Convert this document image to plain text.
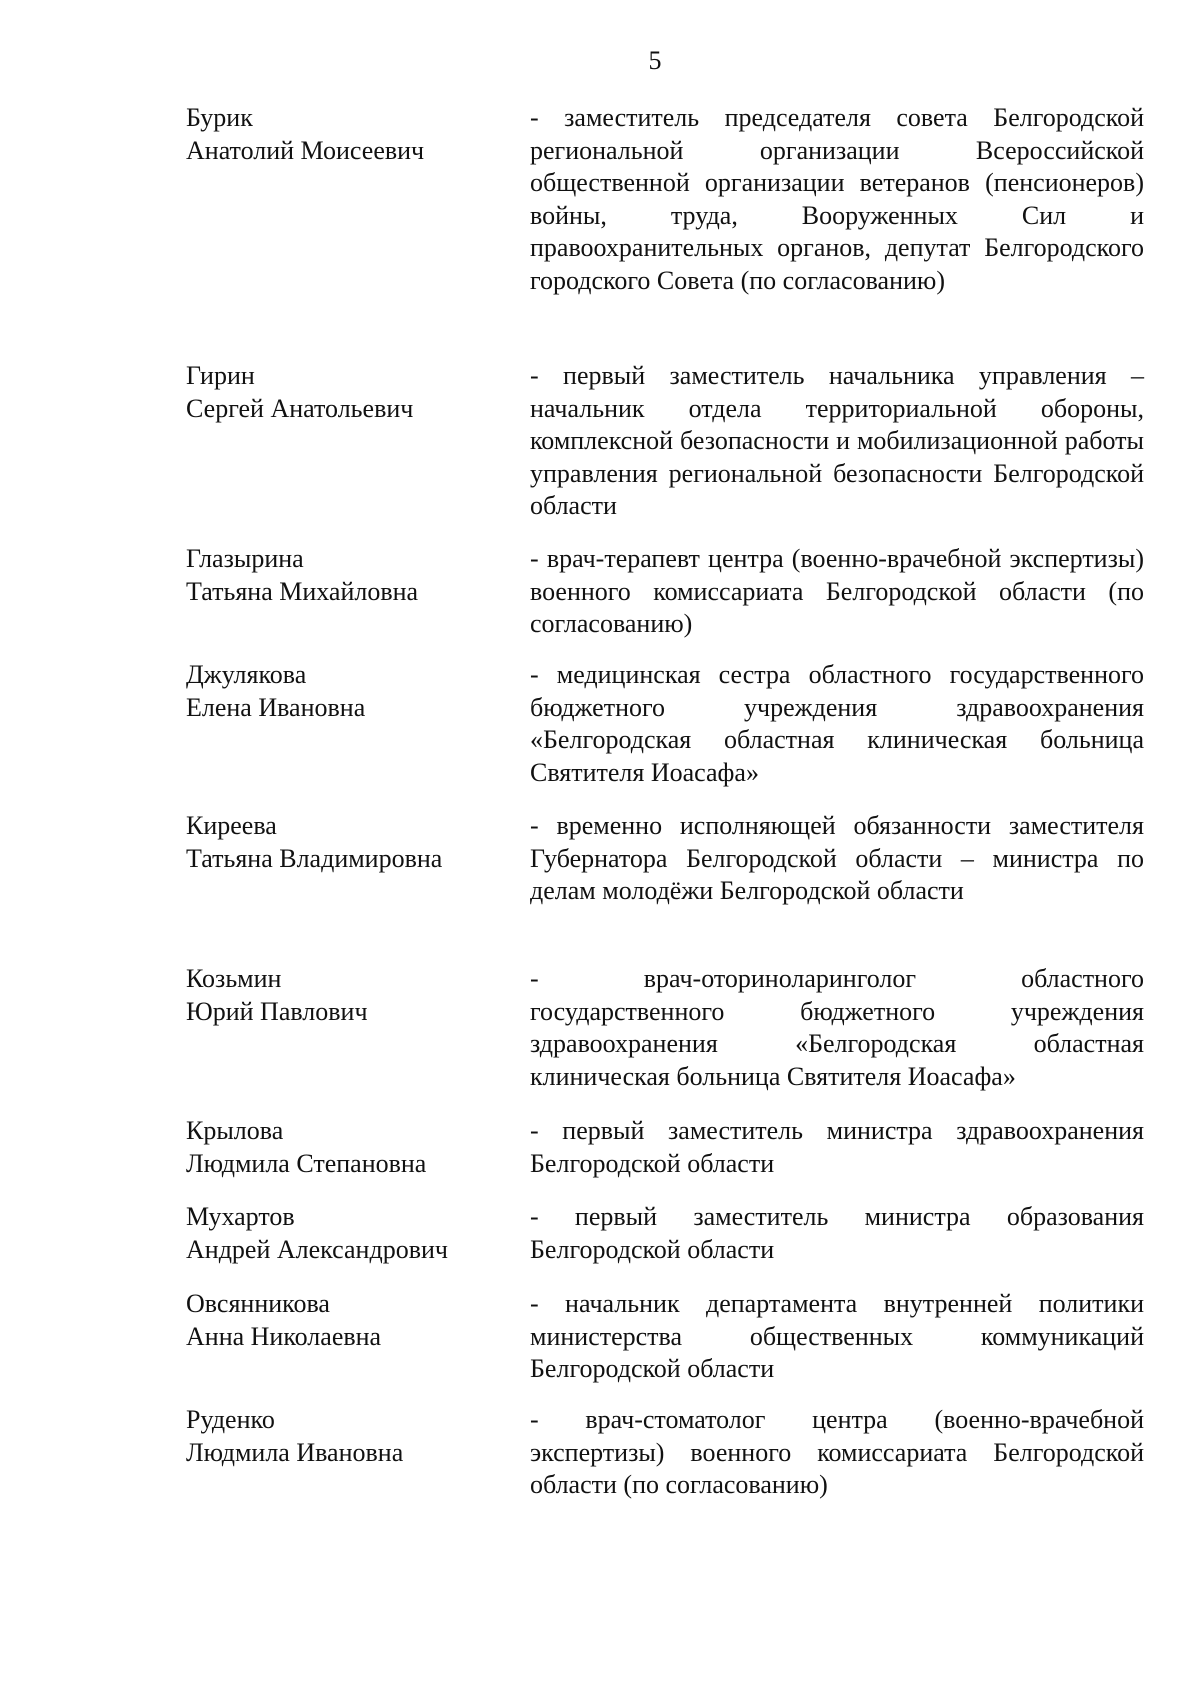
5
Бурик
Анатолий Моисеевич
- заместитель председателя совета Белгородской региональной организации Всероссийской общественной организации ветеранов (пенсионеров) войны, труда, Вооруженных Сил и правоохранительных органов, депутат Белгородского городского Совета (по согласованию)
Гирин
Сергей Анатольевич
- первый заместитель начальника управления – начальник отдела территориальной обороны, комплексной безопасности и мобилизационной работы управления региональной безопасности Белгородской области
Глазырина
Татьяна Михайловна
- врач-терапевт центра (военно-врачебной экспертизы) военного комиссариата Белгородской области (по согласованию)
Джулякова
Елена Ивановна
- медицинская сестра областного государственного бюджетного учреждения здравоохранения «Белгородская областная клиническая больница Святителя Иоасафа»
Киреева
Татьяна Владимировна
- временно исполняющей обязанности заместителя Губернатора Белгородской области – министра по делам молодёжи Белгородской области
Козьмин
Юрий Павлович
- врач-оториноларинголог областного государственного бюджетного учреждения здравоохранения «Белгородская областная клиническая больница Святителя Иоасафа»
Крылова
Людмила Степановна
- первый заместитель министра здравоохранения Белгородской области
Мухартов
Андрей Александрович
- первый заместитель министра образования Белгородской области
Овсянникова
Анна Николаевна
- начальник департамента внутренней политики министерства общественных коммуникаций Белгородской области
Руденко
Людмила Ивановна
- врач-стоматолог центра (военно-врачебной экспертизы) военного комиссариата Белгородской области (по согласованию)
